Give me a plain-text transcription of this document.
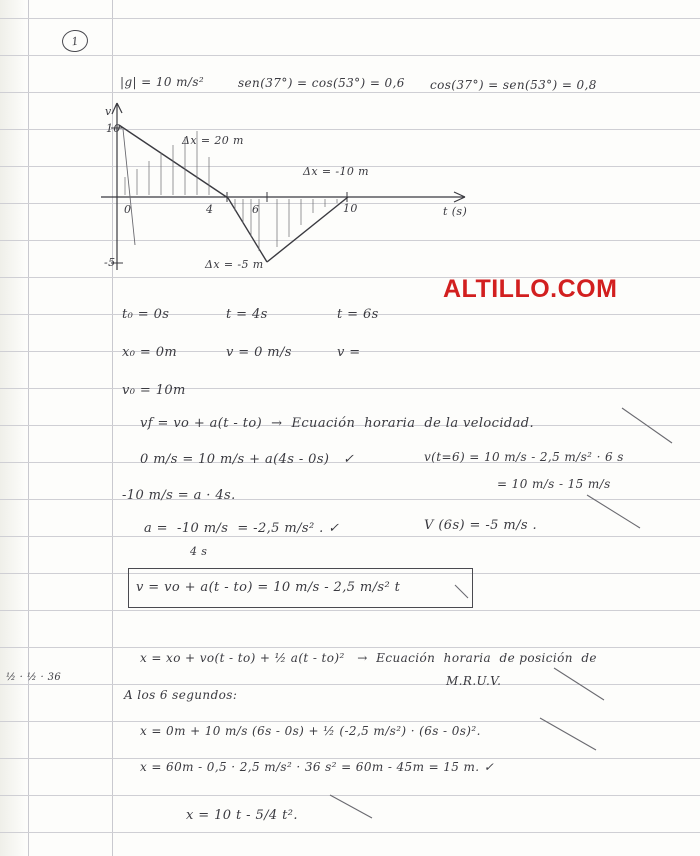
1
|g| = 10 m/s²	sen(37°) = cos(53°) = 0,6 cos(37°) = sen(53°) = 0,8
v
10
-5
0	4	6	10	t (s)
Δx = 20 m
Δx = -10 m
Δx = -5 m
ALTILLO.COM
t₀ = 0s	t = 4s	t = 6s
x₀ = 0m	v = 0 m/s	v =
v₀ = 10m
vf = vo + a(t - to)  →  Ecuación  horaria  de la velocidad.
0 m/s = 10 m/s + a(4s - 0s)   ✓
-10 m/s = a · 4s.
a =  -10 m/s  = -2,5 m/s² . ✓
4 s
v(t=6) = 10 m/s - 2,5 m/s² · 6 s
= 10 m/s - 15 m/s
V (6s) = -5 m/s .
v = vo + a(t - to) = 10 m/s - 2,5 m/s² t
x = xo + vo(t - to) + ½ a(t - to)²   →  Ecuación  horaria  de posición  de
M.R.U.V.
A los 6 segundos:
x = 0m + 10 m/s (6s - 0s) + ½ (-2,5 m/s²) · (6s - 0s)².
x = 60m - 0,5 · 2,5 m/s² · 36 s² = 60m - 45m = 15 m. ✓
x = 10 t - 5/4 t².
½ · ½ · 36
